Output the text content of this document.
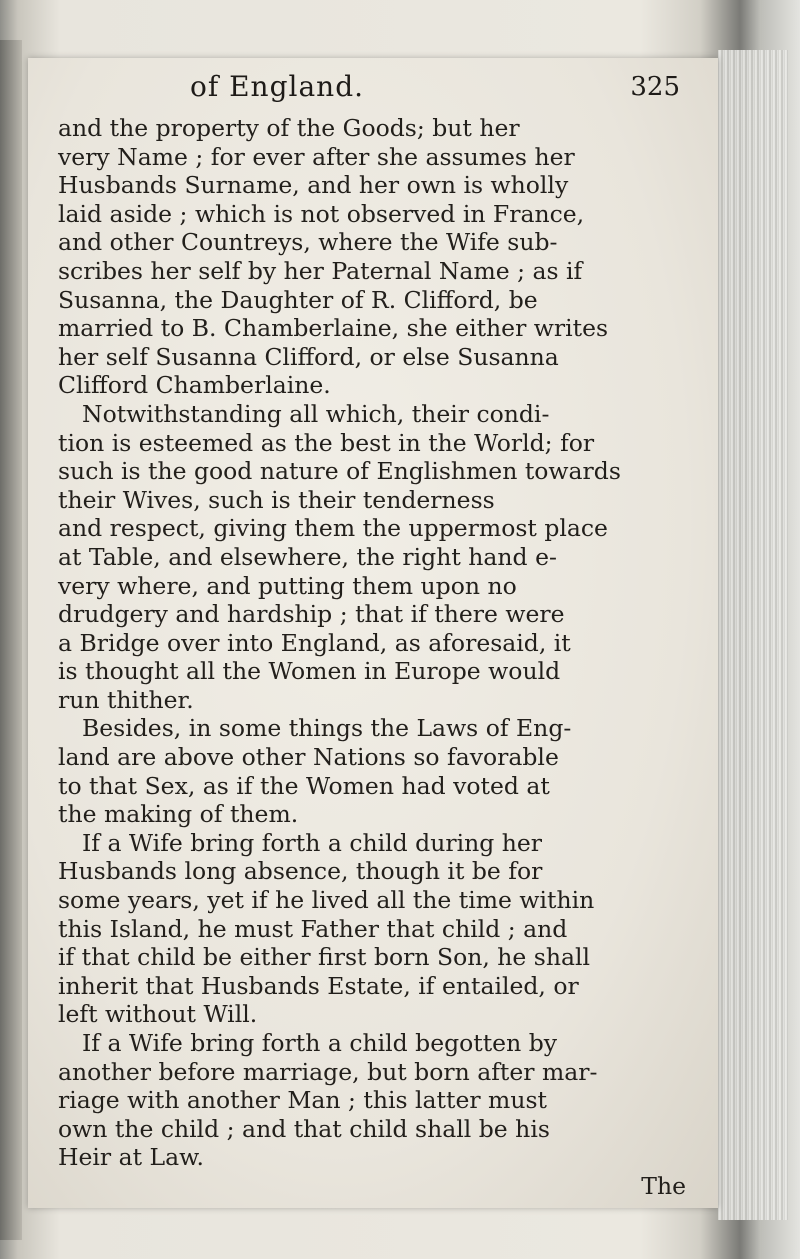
of England.	325
and the property of the Goods; but her
very Name ; for ever after she assumes her
Husbands Surname, and her own is wholly
laid aside ; which is not observed in France,
and other Countreys, where the Wife sub-
scribes her self by her Paternal Name ; as if
Susanna, the Daughter of R. Clifford, be
married to B. Chamberlaine, she either writes
her self Susanna Clifford, or else Susanna
Clifford Chamberlaine.
Notwithstanding all which, their condi-
tion is esteemed as the best in the World; for
such is the good nature of Englishmen towards
their Wives, such is their tenderness
and respect, giving them the uppermost place
at Table, and elsewhere, the right hand e-
very where, and putting them upon no
drudgery and hardship ; that if there were
a Bridge over into England, as aforesaid, it
is thought all the Women in Europe would
run thither.
Besides, in some things the Laws of Eng-
land are above other Nations so favorable
to that Sex, as if the Women had voted at
the making of them.
If a Wife bring forth a child during her
Husbands long absence, though it be for
some years, yet if he lived all the time within
this Island, he must Father that child ; and
if that child be either first born Son, he shall
inherit that Husbands Estate, if entailed, or
left without Will.
If a Wife bring forth a child begotten by
another before marriage, but born after mar-
riage with another Man ; this latter must
own the child ; and that child shall be his
Heir at Law.
The
